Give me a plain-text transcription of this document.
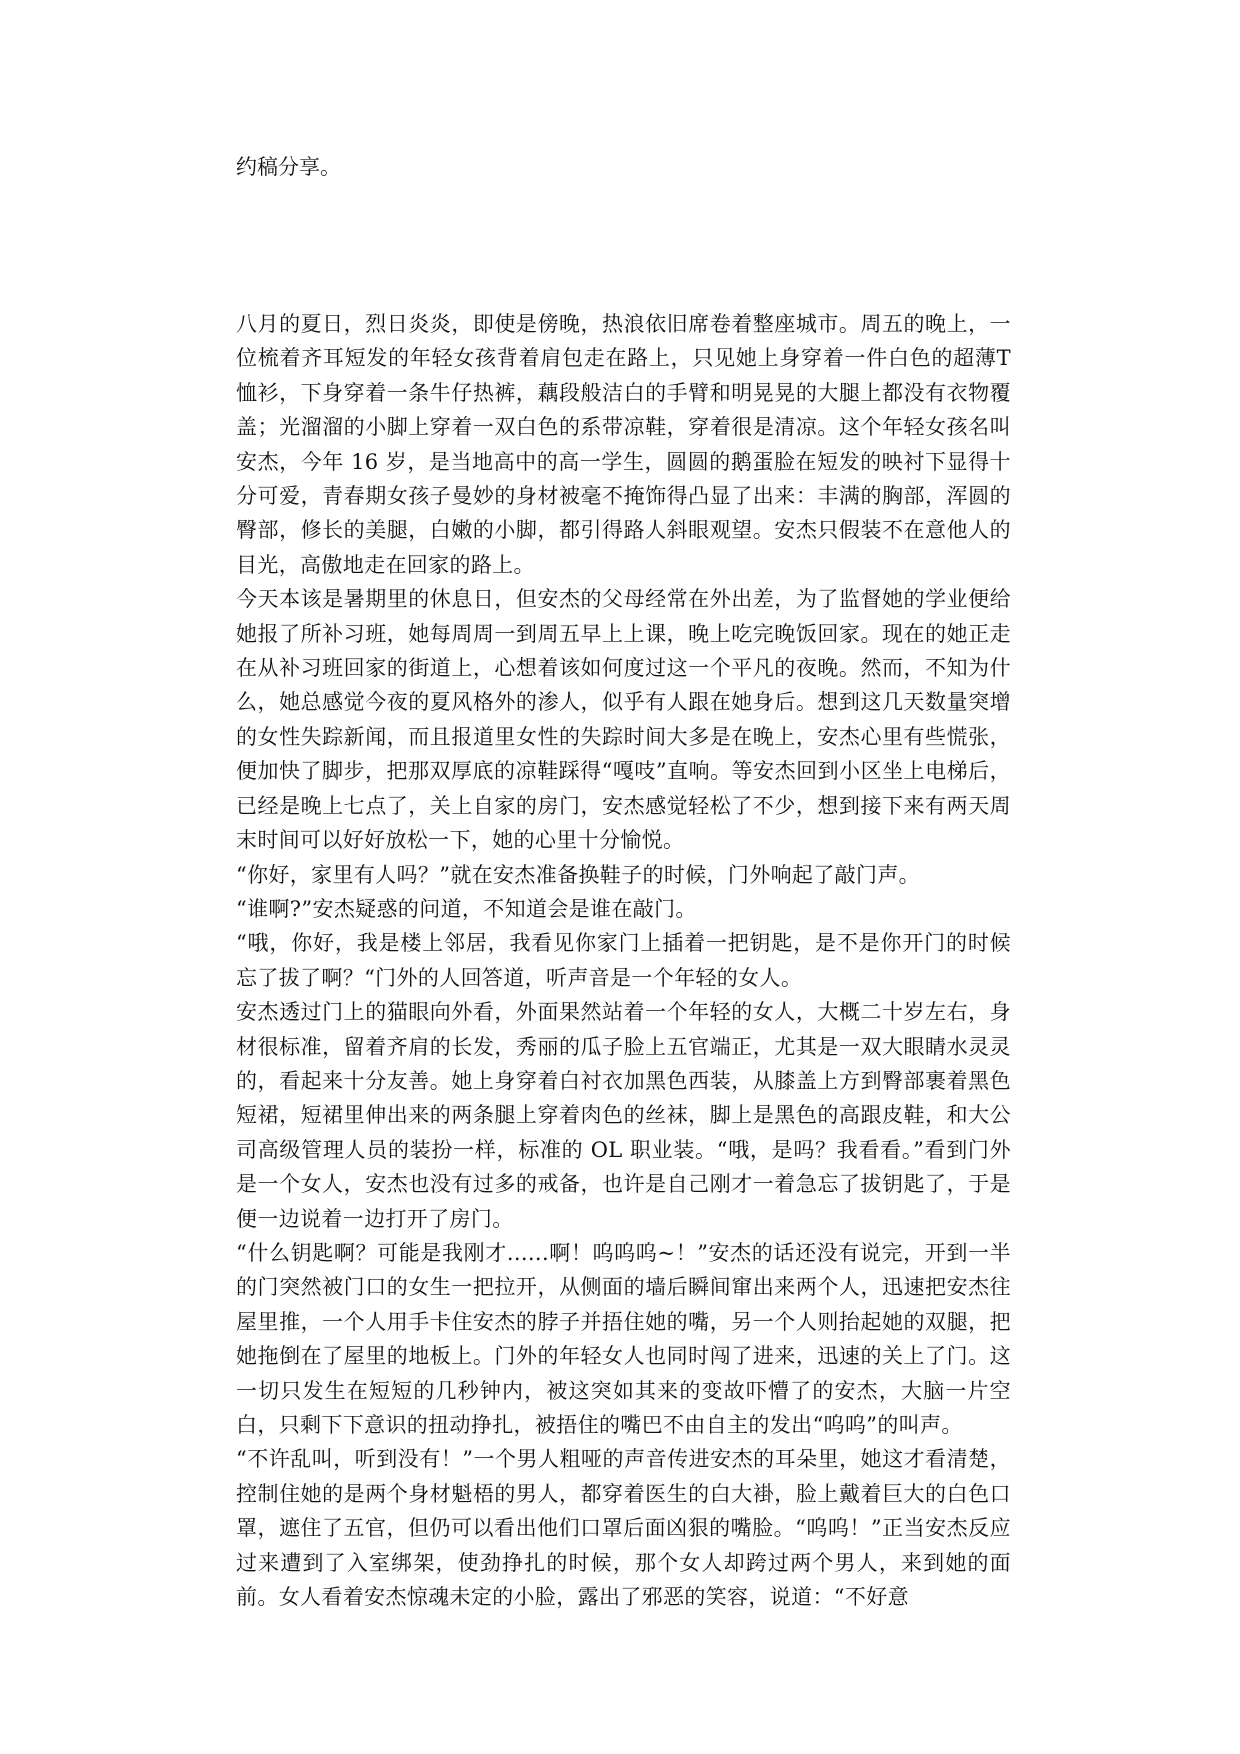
约稿分享。

八月的夏日，烈日炎炎，即使是傍晚，热浪依旧席卷着整座城市。周五的晚上，一位梳着齐耳短发的年轻女孩背着肩包走在路上，只见她上身穿着一件白色的超薄T 恤衫，下身穿着一条牛仔热裤，藕段般洁白的手臂和明晃晃的大腿上都没有衣物覆盖；光溜溜的小脚上穿着一双白色的系带凉鞋，穿着很是清凉。这个年轻女孩名叫安杰，今年 16 岁，是当地高中的高一学生，圆圆的鹅蛋脸在短发的映衬下显得十分可爱，青春期女孩子曼妙的身材被毫不掩饰得凸显了出来：丰满的胸部，浑圆的臀部，修长的美腿，白嫩的小脚，都引得路人斜眼观望。安杰只假装不在意他人的目光，高傲地走在回家的路上。

今天本该是暑期里的休息日，但安杰的父母经常在外出差，为了监督她的学业便给她报了所补习班，她每周周一到周五早上上课，晚上吃完晚饭回家。现在的她正走在从补习班回家的街道上，心想着该如何度过这一个平凡的夜晚。然而，不知为什么，她总感觉今夜的夏风格外的渗人，似乎有人跟在她身后。想到这几天数量突增的女性失踪新闻，而且报道里女性的失踪时间大多是在晚上，安杰心里有些慌张，便加快了脚步，把那双厚底的凉鞋踩得“嘎吱”直响。等安杰回到小区坐上电梯后，已经是晚上七点了，关上自家的房门，安杰感觉轻松了不少，想到接下来有两天周末时间可以好好放松一下，她的心里十分愉悦。

“你好，家里有人吗？”就在安杰准备换鞋子的时候，门外响起了敲门声。

“谁啊?”安杰疑惑的问道，不知道会是谁在敲门。

“哦，你好，我是楼上邻居，我看见你家门上插着一把钥匙，是不是你开门的时候忘了拔了啊？“门外的人回答道，听声音是一个年轻的女人。

安杰透过门上的猫眼向外看，外面果然站着一个年轻的女人，大概二十岁左右，身材很标准，留着齐肩的长发，秀丽的瓜子脸上五官端正，尤其是一双大眼睛水灵灵的，看起来十分友善。她上身穿着白衬衣加黑色西装，从膝盖上方到臀部裹着黑色短裙，短裙里伸出来的两条腿上穿着肉色的丝袜，脚上是黑色的高跟皮鞋，和大公司高级管理人员的装扮一样，标准的 OL 职业装。“哦，是吗？我看看。”看到门外是一个女人，安杰也没有过多的戒备，也许是自己刚才一着急忘了拔钥匙了，于是便一边说着一边打开了房门。

“什么钥匙啊？可能是我刚才......啊！呜呜呜~！”安杰的话还没有说完，开到一半的门突然被门口的女生一把拉开，从侧面的墙后瞬间窜出来两个人，迅速把安杰往屋里推，一个人用手卡住安杰的脖子并捂住她的嘴，另一个人则抬起她的双腿，把她拖倒在了屋里的地板上。门外的年轻女人也同时闯了进来，迅速的关上了门。这一切只发生在短短的几秒钟内，被这突如其来的变故吓懵了的安杰，大脑一片空白，只剩下下意识的扭动挣扎，被捂住的嘴巴不由自主的发出“呜呜”的叫声。

“不许乱叫，听到没有！”一个男人粗哑的声音传进安杰的耳朵里，她这才看清楚，控制住她的是两个身材魁梧的男人，都穿着医生的白大褂，脸上戴着巨大的白色口罩，遮住了五官，但仍可以看出他们口罩后面凶狠的嘴脸。“呜呜！”正当安杰反应过来遭到了入室绑架，使劲挣扎的时候，那个女人却跨过两个男人，来到她的面前。女人看着安杰惊魂未定的小脸，露出了邪恶的笑容，说道：“不好意
